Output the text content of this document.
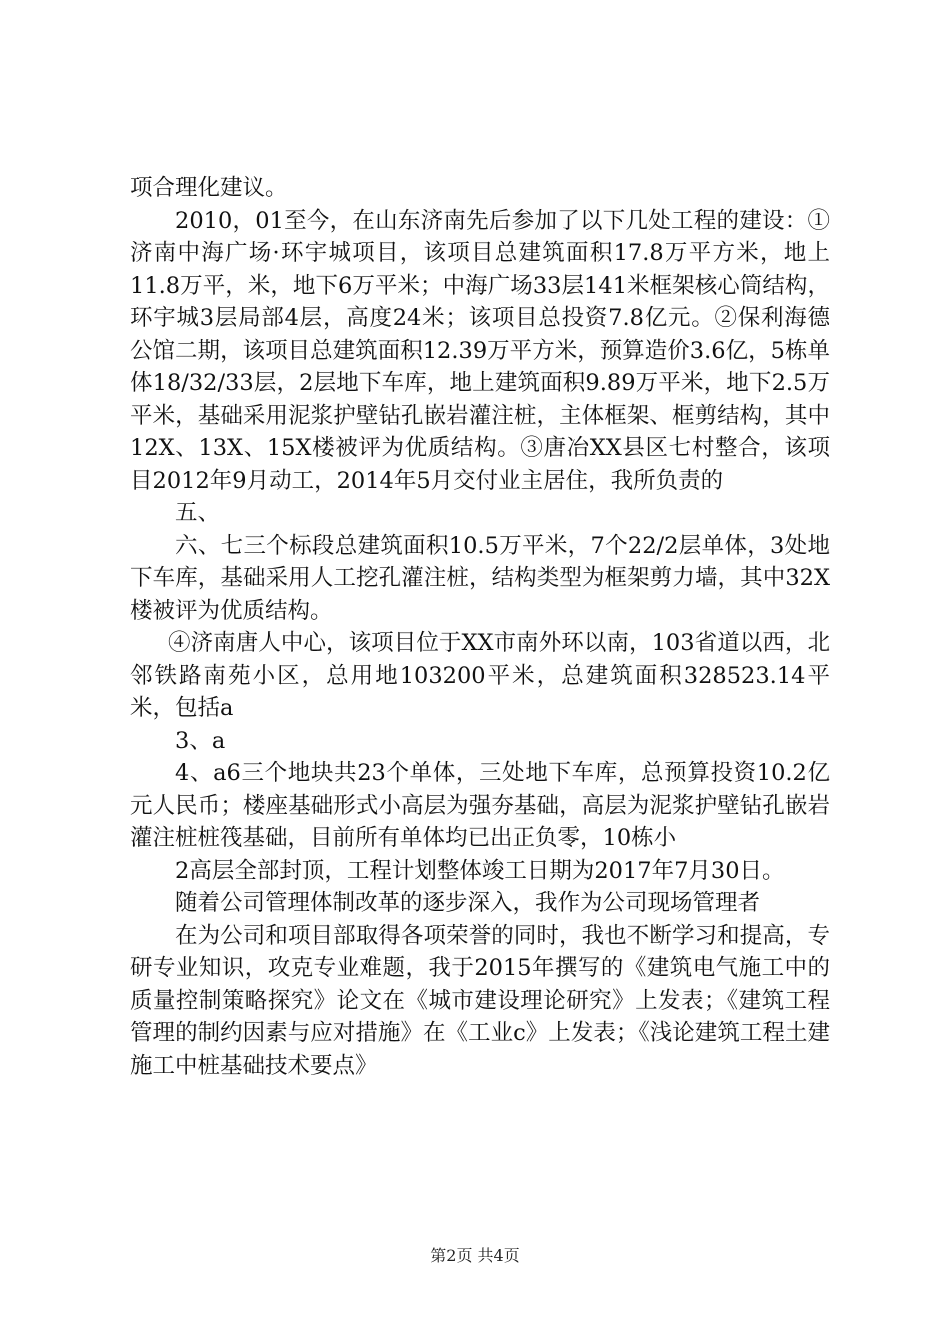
项合理化建议。

2010，01至今，在山东济南先后参加了以下几处工程的建设：①济南中海广场·环宇城项目，该项目总建筑面积17.8万平方米，地上11.8万平，米，地下6万平米；中海广场33层141米框架核心筒结构，环宇城3层局部4层，高度24米；该项目总投资7.8亿元。②保利海德公馆二期，该项目总建筑面积12.39万平方米，预算造价3.6亿，5栋单体18/32/33层，2层地下车库，地上建筑面积9.89万平米，地下2.5万平米，基础采用泥浆护壁钻孔嵌岩灌注桩，主体框架、框剪结构，其中12X、13X、15X楼被评为优质结构。③唐冶XX县区七村整合，该项目2012年9月动工，2014年5月交付业主居住，我所负责的

五、

六、七三个标段总建筑面积10.5万平米，7个22/2层单体，3处地下车库，基础采用人工挖孔灌注桩，结构类型为框架剪力墙，其中32X楼被评为优质结构。

④济南唐人中心，该项目位于XX市南外环以南，103省道以西，北邻铁路南苑小区，总用地103200平米，总建筑面积328523.14平米，包括a

3、a

4、a6三个地块共23个单体，三处地下车库，总预算投资10.2亿元人民币；楼座基础形式小高层为强夯基础，高层为泥浆护壁钻孔嵌岩灌注桩桩筏基础，目前所有单体均已出正负零，10栋小

2高层全部封顶，工程计划整体竣工日期为2017年7月30日。

随着公司管理体制改革的逐步深入，我作为公司现场管理者

在为公司和项目部取得各项荣誉的同时，我也不断学习和提高，专研专业知识，攻克专业难题，我于2015年撰写的《建筑电气施工中的质量控制策略探究》论文在《城市建设理论研究》上发表；《建筑工程管理的制约因素与应对措施》在《工业c》上发表；《浅论建筑工程土建施工中桩基础技术要点》

第2页 共4页
